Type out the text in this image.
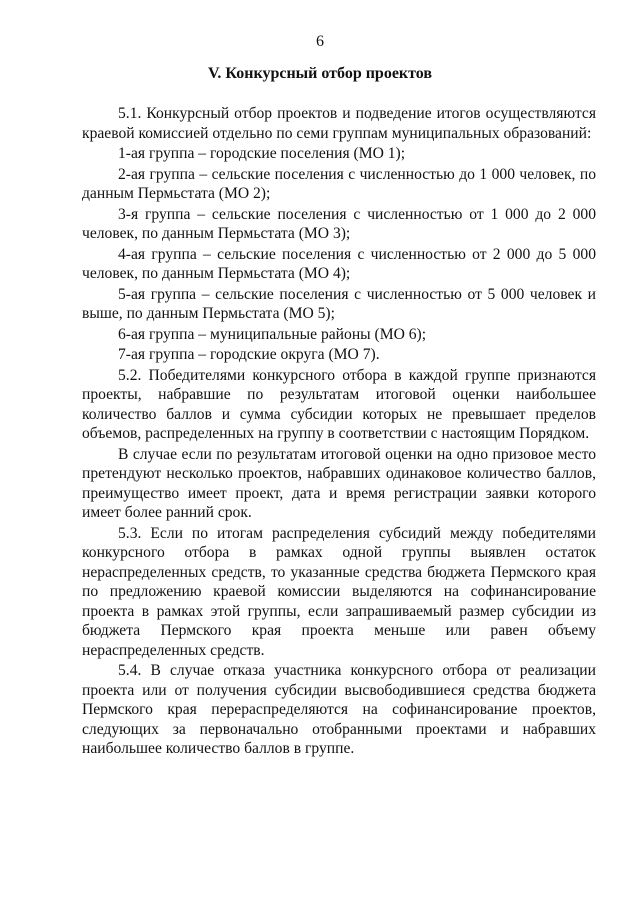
6
V. Конкурсный отбор проектов

5.1. Конкурсный отбор проектов и подведение итогов осуществляются краевой комиссией отдельно по семи группам муниципальных образований:

1-ая группа – городские поселения (МО 1);

2-ая группа – сельские поселения с численностью до 1 000 человек, по данным Пермьстата (МО 2);

3-я группа – сельские поселения с численностью от 1 000 до 2 000 человек, по данным Пермьстата (МО 3);

4-ая группа – сельские поселения с численностью от 2 000 до 5 000 человек, по данным Пермьстата (МО 4);

5-ая группа – сельские поселения с численностью от 5 000 человек и выше, по данным Пермьстата (МО 5);

6-ая группа – муниципальные районы (МО 6);

7-ая группа – городские округа (МО 7).

5.2. Победителями конкурсного отбора в каждой группе признаются проекты, набравшие по результатам итоговой оценки наибольшее количество баллов и сумма субсидии которых не превышает пределов объемов, распределенных на группу в соответствии с настоящим Порядком.

В случае если по результатам итоговой оценки на одно призовое место претендуют несколько проектов, набравших одинаковое количество баллов, преимущество имеет проект, дата и время регистрации заявки которого имеет более ранний срок.

5.3. Если по итогам распределения субсидий между победителями конкурсного отбора в рамках одной группы выявлен остаток нераспределенных средств, то указанные средства бюджета Пермского края по предложению краевой комиссии выделяются на софинансирование проекта в рамках этой группы, если запрашиваемый размер субсидии из бюджета Пермского края проекта меньше или равен объему нераспределенных средств.

5.4. В случае отказа участника конкурсного отбора от реализации проекта или от получения субсидии высвободившиеся средства бюджета Пермского края перераспределяются на софинансирование проектов, следующих за первоначально отобранными проектами и набравших наибольшее количество баллов в группе.
